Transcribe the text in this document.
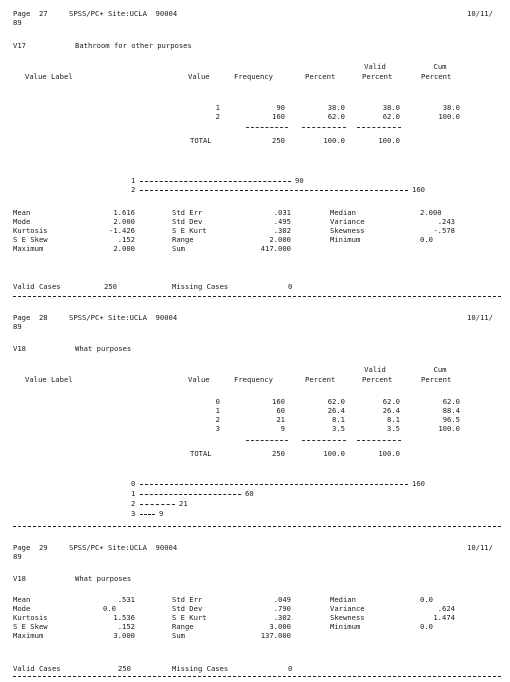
Page  27	SPSS/PC+ Site:UCLA  90004	10/11/
89
V17	Bathroom for other purposes
Valid	Cum
Value Label	Value	Frequency	Percent	Percent	Percent
1	90	38.0	38.0	38.0
2	160	62.0	62.0	100.0
TOTAL	250	100.0	100.0
1	90
2	160
Mean	1.616	Std Err	.031	Median	2.000
Mode	2.000	Std Dev	.495	Variance	.243
Kurtosis	-1.426	S E Kurt	.302	Skewness	-.578
S E Skew	.152	Range	2.000	Minimum	0.0
Maximum	2.000	Sum	417.000
Valid Cases	250	Missing Cases	0
Page  28	SPSS/PC+ Site:UCLA  90004	10/11/
89
V18	What purposes
Valid	Cum
Value Label	Value	Frequency	Percent	Percent	Percent
0	160	62.0	62.0	62.0
1	60	26.4	26.4	88.4
2	21	8.1	8.1	96.5
3	9	3.5	3.5	100.0
TOTAL	250	100.0	100.0
0	160
1	60
2	21
3	9
Page  29	SPSS/PC+ Site:UCLA  90004	10/11/
89
V18	What purposes
Mean	.531	Std Err	.049	Median	0.0
Mode	0.0	Std Dev	.790	Variance	.624
Kurtosis	1.536	S E Kurt	.302	Skewness	1.474
S E Skew	.152	Range	3.000	Minimum	0.0
Maximum	3.000	Sum	137.000
Valid Cases	250	Missing Cases	0
